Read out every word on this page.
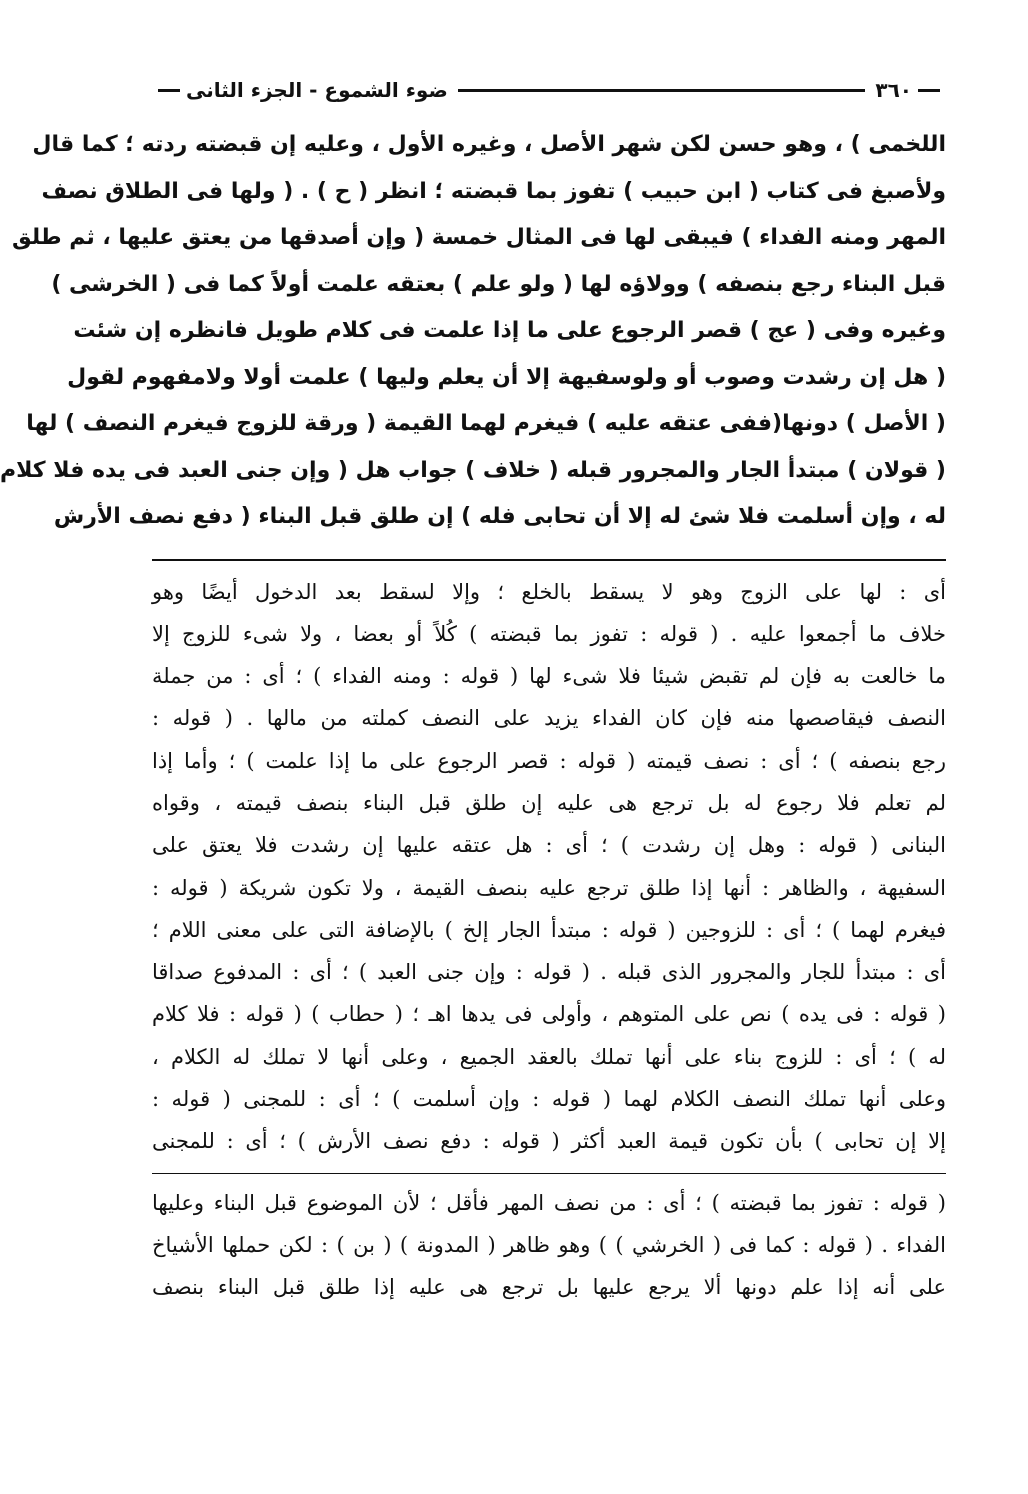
٣٦٠
ضوء الشموع - الجزء الثانى
اللخمى ) ، وهو حسن لكن شهر الأصل ، وغيره الأول ، وعليه إن قبضته ردته ؛ كما قال
ولأصبغ فى كتاب ( ابن حبيب ) تفوز بما قبضته ؛ انظر ( ح ) . ( ولها فى الطلاق نصف
المهر ومنه الفداء ) فيبقى لها فى المثال خمسة ( وإن أصدقها من يعتق عليها ، ثم طلق
قبل البناء رجع بنصفه ) وولاؤه لها ( ولو علم ) بعتقه علمت أولاً كما فى ( الخرشى )
وغيره وفى ( عج ) قصر الرجوع على ما إذا علمت فى كلام طويل فانظره إن شئت
( هل إن رشدت وصوب أو ولوسفيهة إلا أن يعلم وليها ) علمت أولا ولامفهوم لقول
( الأصل ) دونها(ففى عتقه عليه ) فيغرم لهما القيمة ( ورقة للزوج فيغرم النصف ) لها
( قولان ) مبتدأ الجار والمجرور قبله ( خلاف ) جواب هل ( وإن جنى العبد فى يده فلا كلام
له ، وإن أسلمت فلا شئ له إلا أن تحابى فله ) إن طلق قبل البناء ( دفع نصف الأرش
أى : لها على الزوج وهو لا يسقط بالخلع ؛ وإلا لسقط بعد الدخول أيضًا وهو
خلاف ما أجمعوا عليه . ( قوله : تفوز بما قبضته ) كُلاً أو بعضا ، ولا شىء للزوج إلا
ما خالعت به فإن لم تقبض شيئا فلا شىء لها ( قوله : ومنه الفداء ) ؛ أى : من جملة
النصف فيقاصصها منه فإن كان الفداء يزيد على النصف كملته من مالها . ( قوله :
رجع بنصفه ) ؛ أى : نصف قيمته ( قوله : قصر الرجوع على ما إذا علمت ) ؛ وأما إذا
لم تعلم فلا رجوع له بل ترجع هى عليه إن طلق قبل البناء بنصف قيمته ، وقواه
البنانى ( قوله : وهل إن رشدت ) ؛ أى : هل عتقه عليها إن رشدت فلا يعتق على
السفيهة ، والظاهر : أنها إذا طلق ترجع عليه بنصف القيمة ، ولا تكون شريكة ( قوله :
فيغرم لهما ) ؛ أى : للزوجين ( قوله : مبتدأ الجار إلخ ) بالإضافة التى على معنى اللام ؛
أى : مبتدأ للجار والمجرور الذى قبله . ( قوله : وإن جنى العبد ) ؛ أى : المدفوع صداقا
( قوله : فى يده ) نص على المتوهم ، وأولى فى يدها اهـ ؛ ( حطاب ) ( قوله : فلا كلام
له ) ؛ أى : للزوج بناء على أنها تملك بالعقد الجميع ، وعلى أنها لا تملك له الكلام ،
وعلى أنها تملك النصف الكلام لهما ( قوله : وإن أسلمت ) ؛ أى : للمجنى ( قوله :
إلا إن تحابى ) بأن تكون قيمة العبد أكثر ( قوله : دفع نصف الأرش ) ؛ أى : للمجنى
( قوله : تفوز بما قبضته ) ؛ أى : من نصف المهر فأقل ؛ لأن الموضوع قبل البناء وعليها
الفداء . ( قوله : كما فى ( الخرشي ) ) وهو ظاهر ( المدونة ) ( بن ) : لكن حملها الأشياخ
على أنه إذا علم دونها ألا يرجع عليها بل ترجع هى عليه إذا طلق قبل البناء بنصف
